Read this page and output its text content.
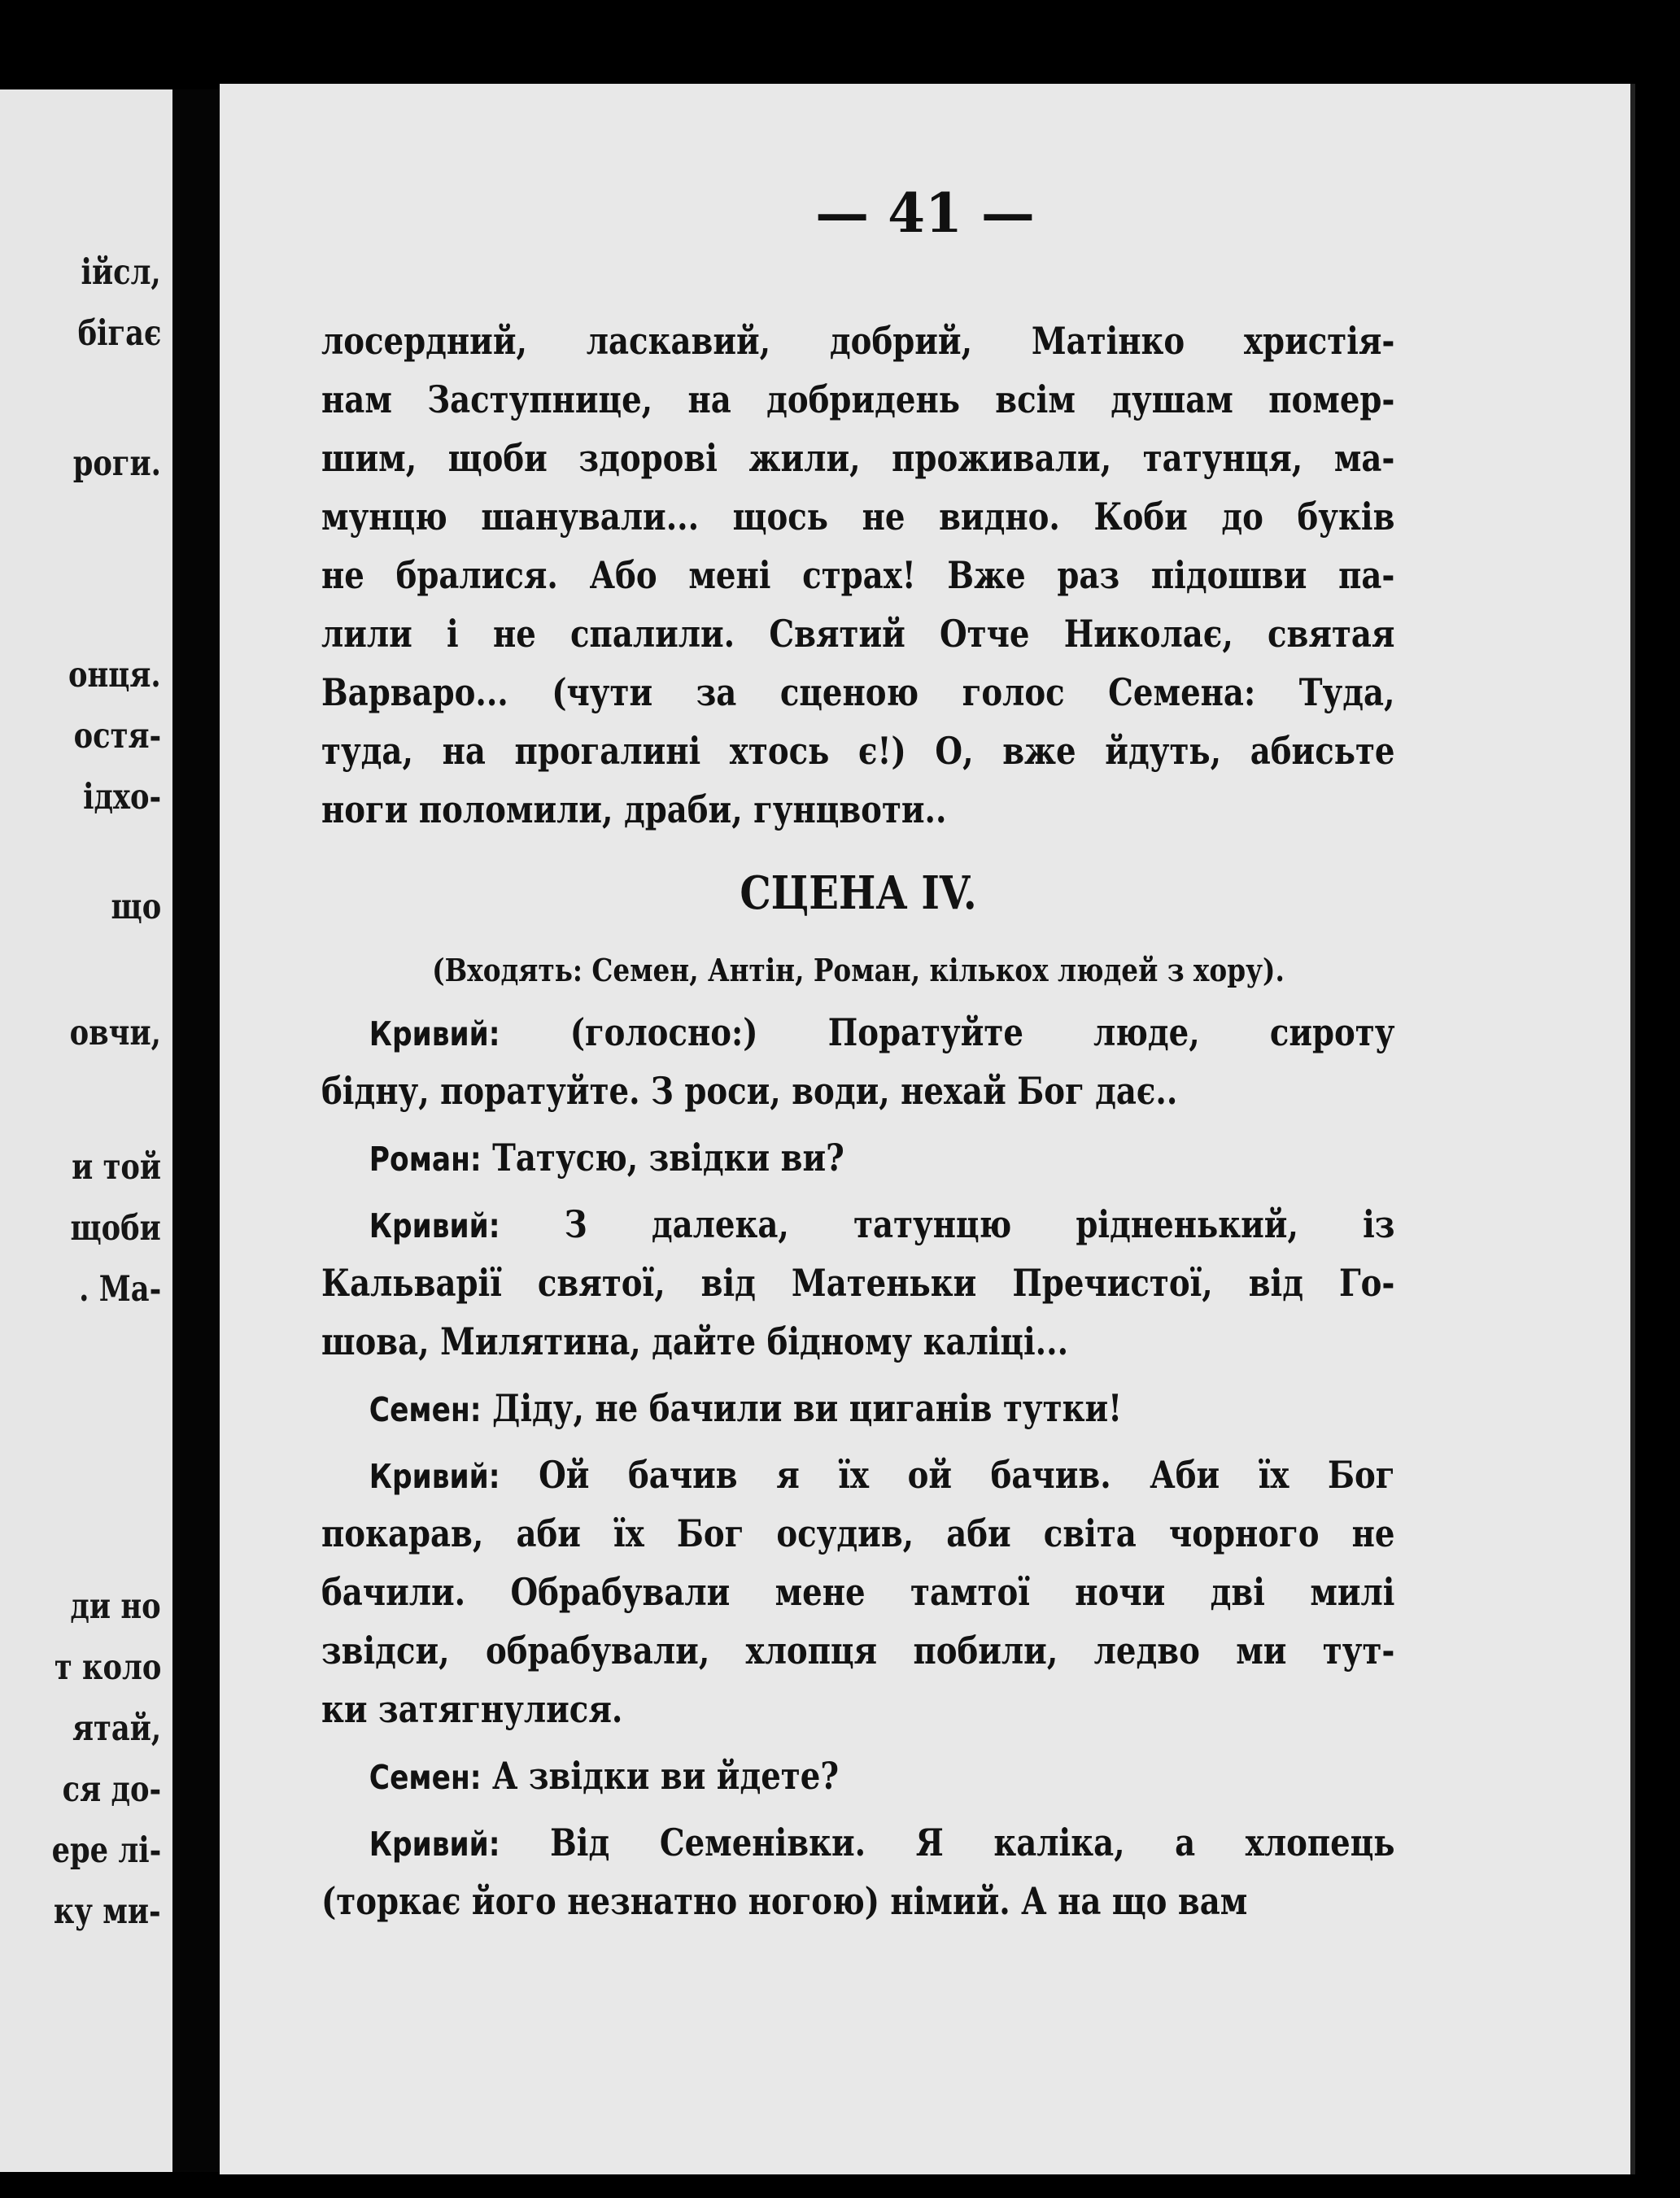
ійсл,
бігає
роги.
онця.
остя-
ідхо-
що
овчи,
и той
щоби
. Ма-
ди но
т коло
ятай,
ся до-
ере лі-
ку ми-
— 41 —
лосердний, ласкавий, добрий, Матінко христія-
нам Заступнице, на добридень всім душам помер-
шим, щоби здорові жили, проживали, татунця, ма-
мунцю шанували... щось не видно. Коби до буків
не бралися. Або мені страх! Вже раз підошви па-
лили і не спалили. Святий Отче Николає, святая
Варваро... (чути за сценою голос Семена: Туда,
туда, на прогалині хтось є!) О, вже йдуть, абисьте
ноги поломили, драби, гунцвоти..
СЦЕНА IV.
(Входять: Семен, Антін, Роман, кількох людей з хору).
Кривий: (голосно:) Поратуйте люде, сироту
бідну, поратуйте. З роси, води, нехай Бог дає..
Роман: Татусю, звідки ви?
Кривий: З далека, татунцю рідненький, із
Кальварії святої, від Матеньки Пречистої, від Го-
шова, Милятина, дайте бідному каліці...
Семен: Діду, не бачили ви циганів тутки!
Кривий: Ой бачив я їх ой бачив. Аби їх Бог
покарав, аби їх Бог осудив, аби світа чорного не
бачили. Обрабували мене тамтої ночи дві милі
звідси, обрабували, хлопця побили, ледво ми тут-
ки затягнулися.
Семен: А звідки ви йдете?
Кривий: Від Семенівки. Я каліка, а хлопець
(торкає його незнатно ногою) німий. А на що вам
